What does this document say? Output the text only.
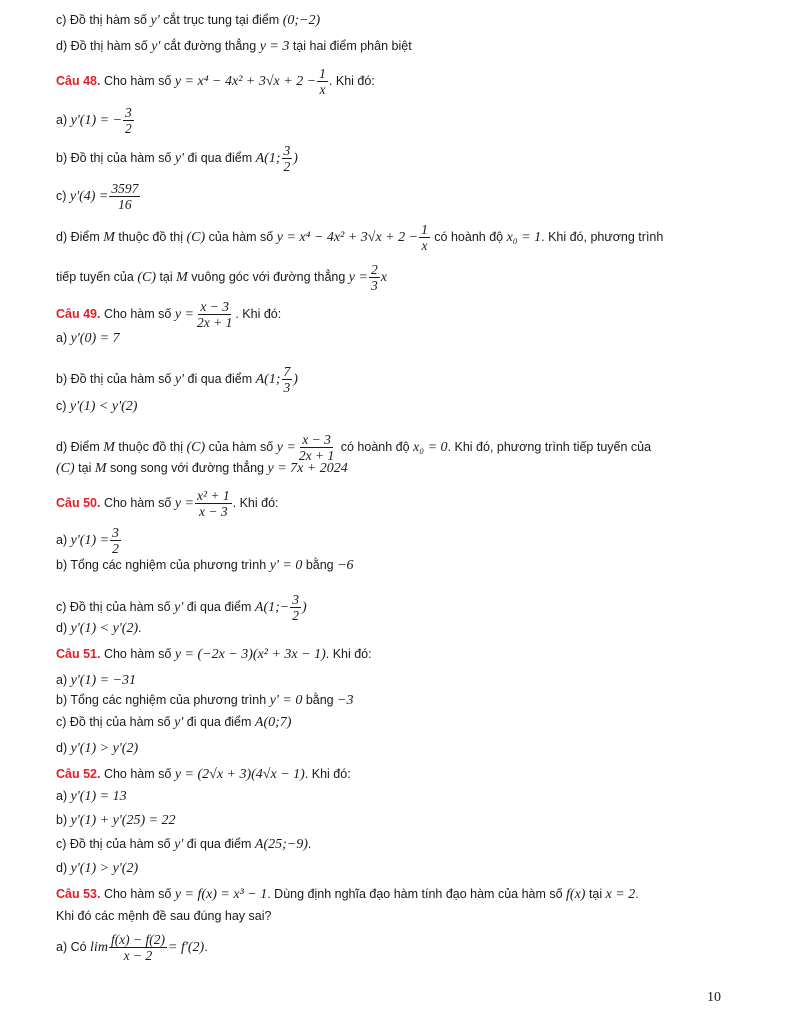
c) Đồ thị hàm số y' cắt trục tung tại điểm (0;−2)
d) Đồ thị hàm số y' cắt đường thẳng y = 3 tại hai điểm phân biệt
Câu 48. Cho hàm số $y = x^4 - 4x^2 + 3√x + 2 - \frac{1}{x}$ . Khi đó:
a) y'(1) = − $\frac{3}{2}$
b) Đồ thị của hàm số y' đi qua điểm A(1; $\frac{3}{2}$ )
c) $y'(4) = \frac{3597}{16}$
d) Điểm M thuộc đồ thị (C) của hàm số $y = x^4 - 4x^2 + 3√x + 2 - \frac{1}{x}$ có hoành độ x₀ = 1. Khi đó, phương trình
tiếp tuyến của (C) tại M vuông góc với đường thẳng $y = \frac{2}{3}$ x
Câu 49. Cho hàm số $y = \frac{x - 3}{2x + 1}$ . Khi đó:
a) y'(0) = 7
b) Đồ thị của hàm số y' đi qua điểm A(1; $\frac{7}{3}$ )
c) y'(1) < y'(2)
d) Điểm M thuộc đồ thị (C) của hàm số $y = \frac{x - 3}{2x + 1}$ có hoành độ x₀ = 0. Khi đó, phương trình tiếp tuyến của
(C) tại M song song với đường thẳng y = 7x + 2024
Câu 50. Cho hàm số $y = \frac{\text{x² + 1}}{x - 3}$ . Khi đó:
a) $y'(1) = \frac{3}{2}$
b) Tổng các nghiệm của phương trình y' = 0 bằng −6
c) Đồ thị của hàm số y' đi qua điểm A(1;− $\frac{3}{2}$ )
d) y'(1) < y'(2).
Câu 51. Cho hàm số y = (−2x − 3)(x² + 3x − 1). Khi đó:
a) y'(1) = −31
b) Tổng các nghiệm của phương trình y' = 0 bằng −3
c) Đồ thị của hàm số y' đi qua điểm A(0;7)
d) y'(1) > y'(2)
Câu 52. Cho hàm số y = (2√x + 3)(4√x − 1). Khi đó:
a) y'(1) = 13
b) y'(1) + y'(25) = 22
c) Đồ thị của hàm số y' đi qua điểm A(25;−9).
d) y'(1) > y'(2)
Câu 53. Cho hàm số y = f(x) = x³ − 1. Dùng định nghĩa đạo hàm tính đạo hàm của hàm số f(x) tại x = 2.
Khi đó các mệnh đề sau đúng hay sai?
a) Có $\lim \frac{f(x) - f(2)}{x - 2} = f'(2)$.
10
